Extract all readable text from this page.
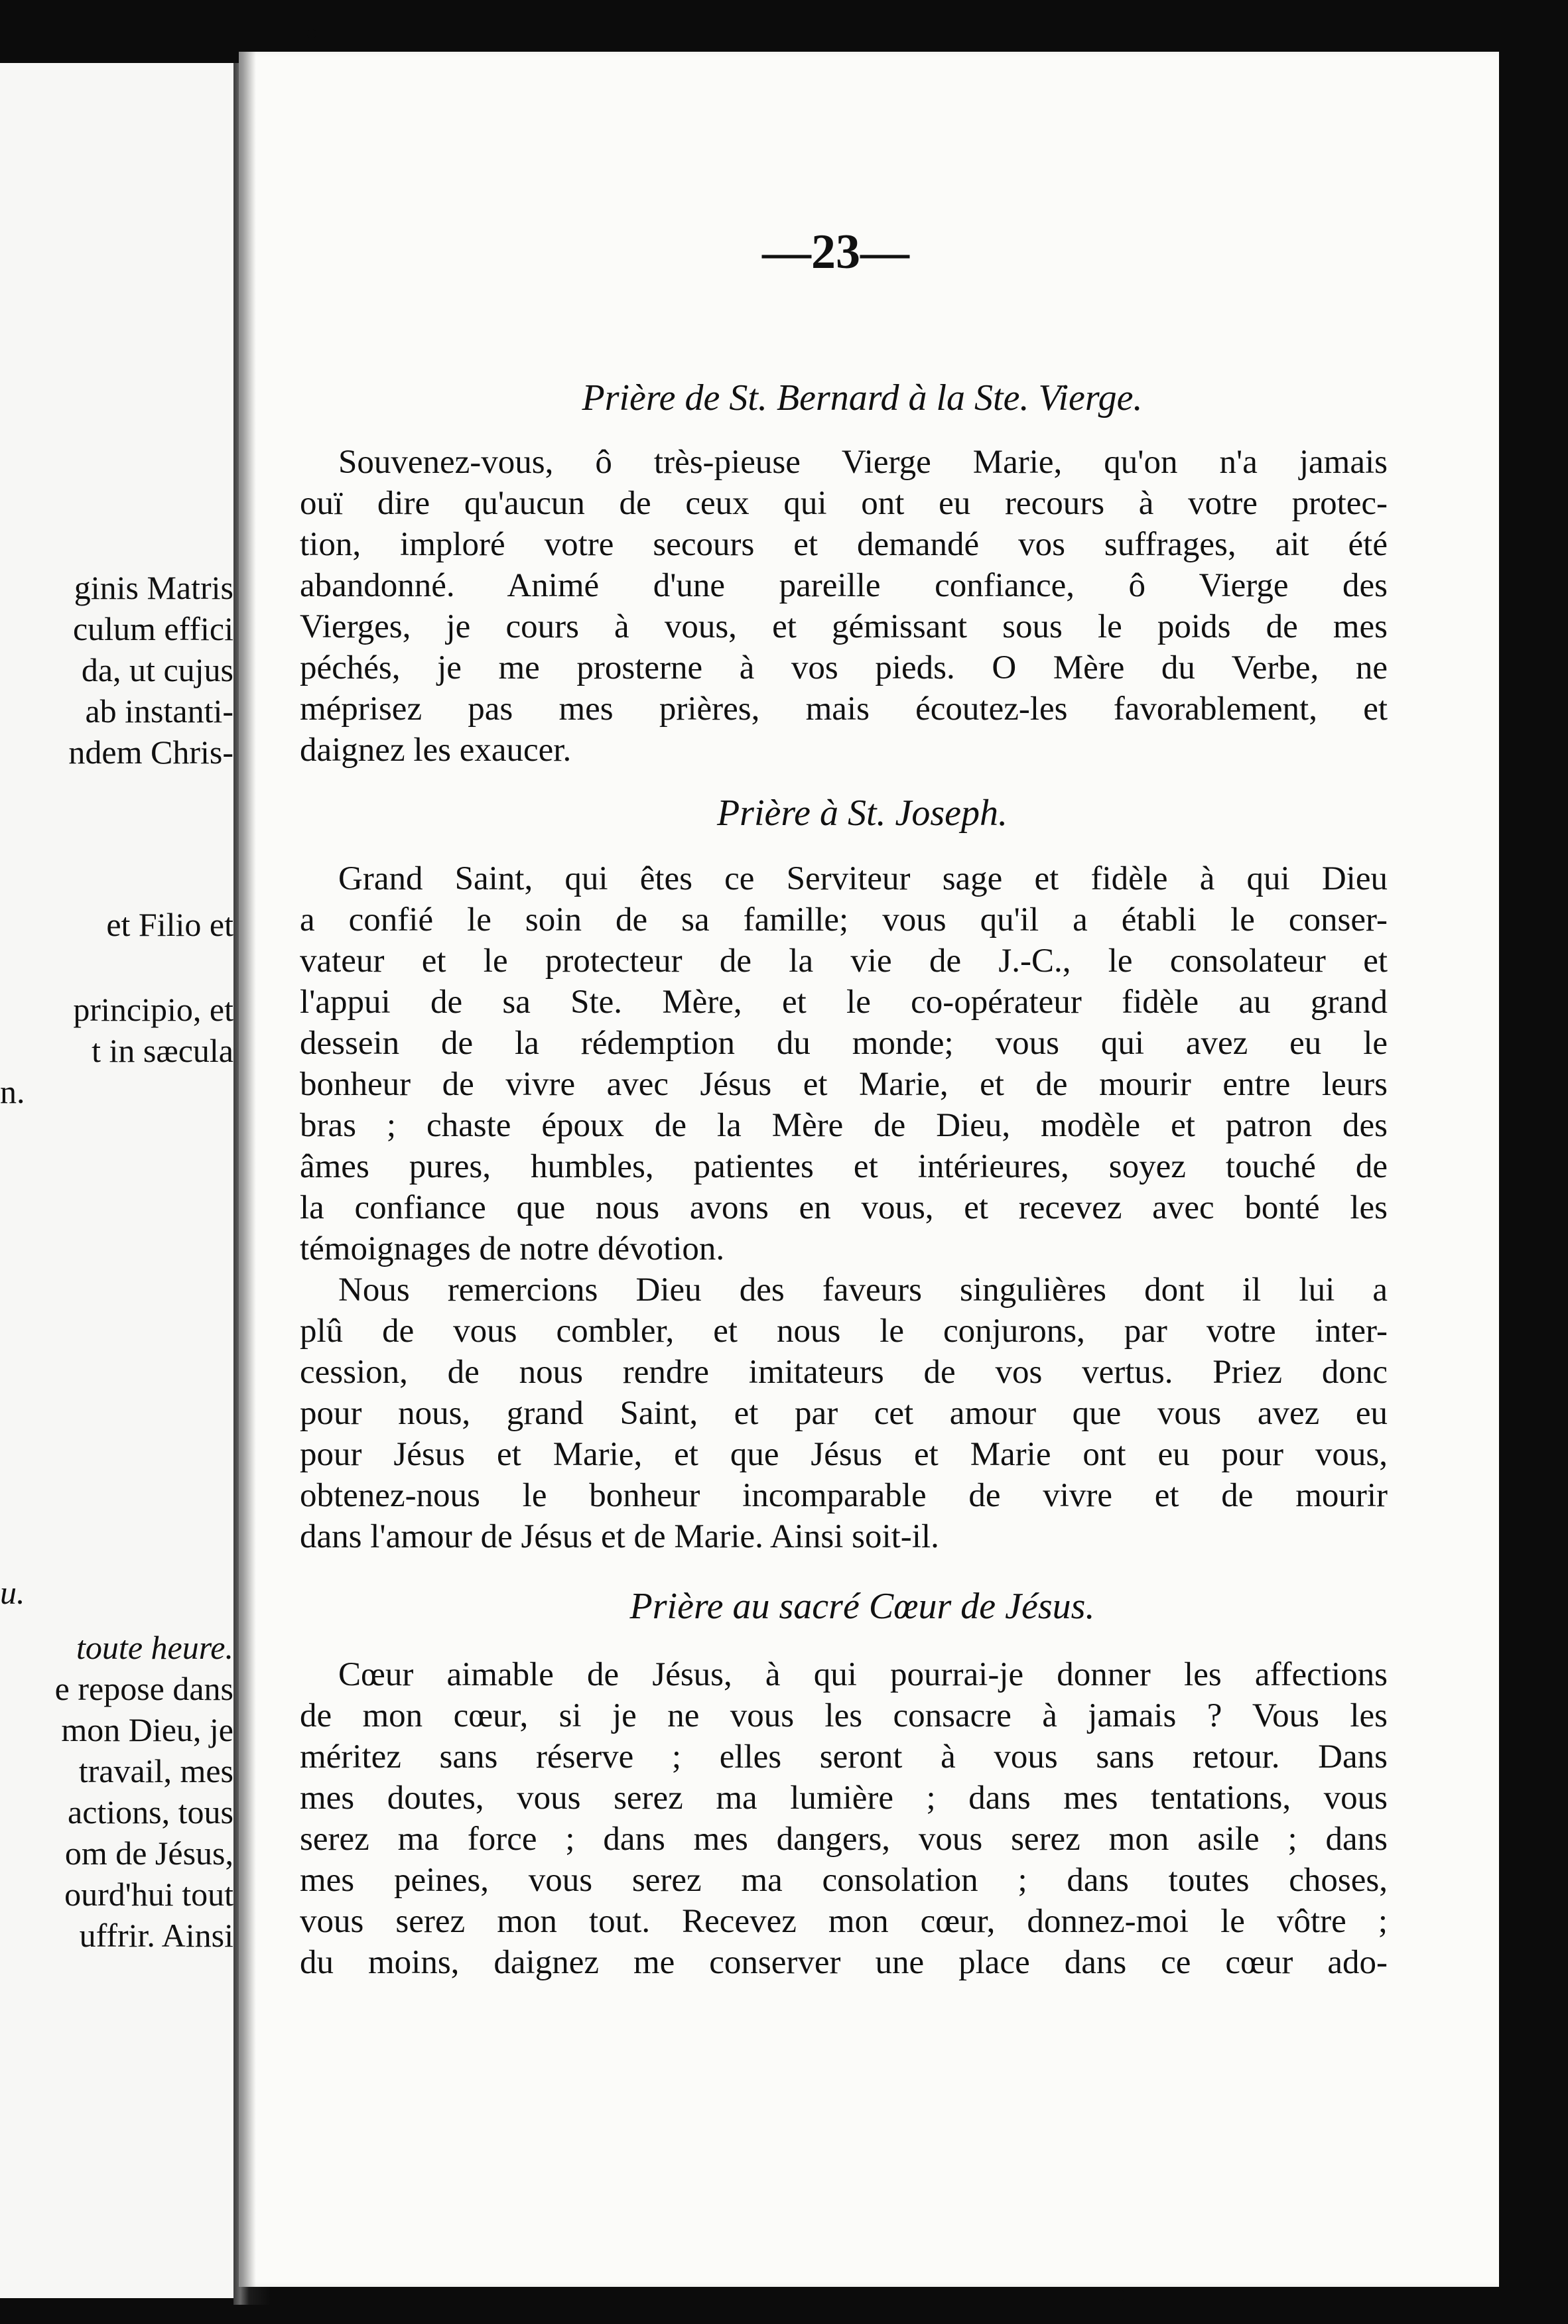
ginis Matris
culum effici
da, ut cujus
ab instanti-
ndem Chris-
et Filio et
principio, et
t in sæcula
n.
u.
toute heure.
e repose dans
mon Dieu, je
travail, mes
actions, tous
om de Jésus,
ourd'hui tout
uffrir. Ainsi
—23—
Prière de St. Bernard à la Ste. Vierge.
Souvenez-vous, ô très-pieuse Vierge Marie, qu'on n'a jamais
ouï dire qu'aucun de ceux qui ont eu recours à votre protec-
tion, imploré votre secours et demandé vos suffrages, ait été
abandonné. Animé d'une pareille confiance, ô Vierge des
Vierges, je cours à vous, et gémissant sous le poids de mes
péchés, je me prosterne à vos pieds. O Mère du Verbe, ne
méprisez pas mes prières, mais écoutez-les favorablement, et
daignez les exaucer.
Prière à St. Joseph.
Grand Saint, qui êtes ce Serviteur sage et fidèle à qui Dieu
a confié le soin de sa famille; vous qu'il a établi le conser-
vateur et le protecteur de la vie de J.-C., le consolateur et
l'appui de sa Ste. Mère, et le co-opérateur fidèle au grand
dessein de la rédemption du monde; vous qui avez eu le
bonheur de vivre avec Jésus et Marie, et de mourir entre leurs
bras ; chaste époux de la Mère de Dieu, modèle et patron des
âmes pures, humbles, patientes et intérieures, soyez touché de
la confiance que nous avons en vous, et recevez avec bonté les
témoignages de notre dévotion.
Nous remercions Dieu des faveurs singulières dont il lui a
plû de vous combler, et nous le conjurons, par votre inter-
cession, de nous rendre imitateurs de vos vertus. Priez donc
pour nous, grand Saint, et par cet amour que vous avez eu
pour Jésus et Marie, et que Jésus et Marie ont eu pour vous,
obtenez-nous le bonheur incomparable de vivre et de mourir
dans l'amour de Jésus et de Marie. Ainsi soit-il.
Prière au sacré Cœur de Jésus.
Cœur aimable de Jésus, à qui pourrai-je donner les affections
de mon cœur, si je ne vous les consacre à jamais ? Vous les
méritez sans réserve ; elles seront à vous sans retour. Dans
mes doutes, vous serez ma lumière ; dans mes tentations, vous
serez ma force ; dans mes dangers, vous serez mon asile ; dans
mes peines, vous serez ma consolation ; dans toutes choses,
vous serez mon tout. Recevez mon cœur, donnez-moi le vôtre ;
du moins, daignez me conserver une place dans ce cœur ado-
